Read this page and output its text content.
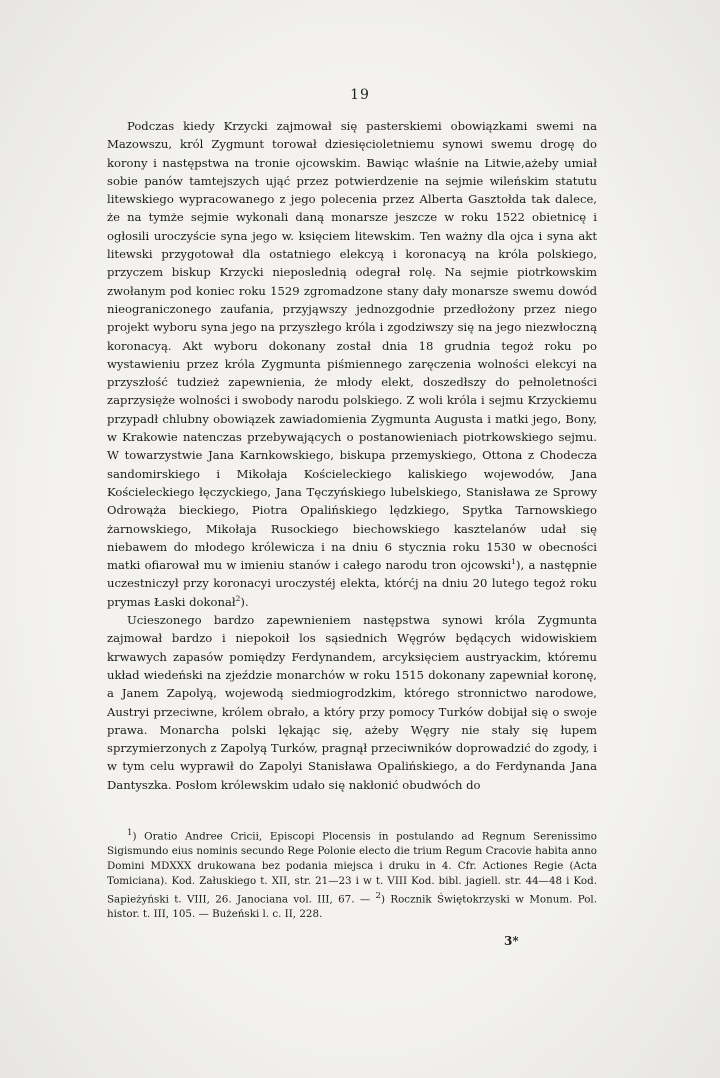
19

Podczas kiedy Krzycki zajmował się pasterskiemi obowiązkami swemi na Mazowszu, król Zygmunt torował dziesięcioletniemu synowi swemu drogę do korony i następstwa na tronie ojcowskim. Bawiąc właśnie na Litwie,ażeby umiał sobie panów tamtejszych ująć przez potwierdzenie na sejmie wileńskim statutu litewskiego wypracowanego z jego polecenia przez Alberta Gasztołda tak dalece, że na tymże sejmie wykonali daną monarsze jeszcze w roku 1522 obietnicę i ogłosili uroczyście syna jego w. księciem litewskim. Ten ważny dla ojca i syna akt litewski przygotował dla ostatniego elekcyą i koronacyą na króla polskiego, przyczem biskup Krzycki nieposlednią odegrał rolę. Na sejmie piotrkowskim zwołanym pod koniec roku 1529 zgromadzone stany dały monarsze swemu dowód nieograniczonego zaufania, przyjąwszy jednozgodnie przedłożony przez niego projekt wyboru syna jego na przyszłego króla i zgodziwszy się na jego niezwłoczną koronacyą. Akt wyboru dokonany został dnia 18 grudnia tegoż roku po wystawieniu przez króla Zygmunta piśmiennego zaręczenia wolności elekcyi na przyszłość tudzież zapewnienia, że młody elekt, doszedłszy do pełnoletności zaprzysięże wolności i swobody narodu polskiego. Z woli króla i sejmu Krzyckiemu przypadł chlubny obowiązek zawiadomienia Zygmunta Augusta i matki jego, Bony, w Krakowie natenczas przebywających o postanowieniach piotrkowskiego sejmu. W towarzystwie Jana Karnkowskiego, biskupa przemyskiego, Ottona z Chodecza sandomirskiego i Mikołaja Kościeleckiego kaliskiego wojewodów, Jana Kościeleckiego łęczyckiego, Jana Tęczyńskiego lubelskiego, Stanisława ze Sprowy Odrowąża bieckiego, Piotra Opalińskiego lędzkiego, Spytka Tarnowskiego żarnowskiego, Mikołaja Rusockiego biechowskiego kasztelanów udał się niebawem do młodego królewicza i na dniu 6 stycznia roku 1530 w obecności matki ofiarował mu w imieniu stanów i całego narodu tron ojcowski$^1$), a następnie uczestniczył przy koronacyi uroczystéj elekta, którćj na dniu 20 lutego tegoż roku prymas Łaski dokonał$^2$).

Ucieszonego bardzo zapewnieniem następstwa synowi króla Zygmunta zajmował bardzo i niepokoił los sąsiednich Węgrów będących widowiskiem krwawych zapasów pomiędzy Ferdynandem, arcyksięciem austryackim, któremu układ wiedeński na zjeździe monarchów w roku 1515 dokonany zapewniał koronę, a Janem Zapolyą, wojewodą siedmiogrodzkim, którego stronnictwo narodowe, Austryi przeciwne, królem obrało, a który przy pomocy Turków dobijał się o swoje prawa. Monarcha polski lękając się, ażeby Węgry nie stały się łupem sprzymierzonych z Zapolyą Turków, pragnął przeciwników doprowadzić do zgody, i w tym celu wyprawił do Zapolyi Stanisława Opalińskiego, a do Ferdynanda Jana Dantyszka. Posłom królewskim udało się nakłonić obudwóch do

$^1$) Oratio Andree Cricii, Episcopi Plocensis in postulando ad Regnum Serenissimo Sigismundo eius nominis secundo Rege Polonie electo die trium Regum Cracovie habita anno Domini MDXXX drukowana bez podania miejsca i druku in 4. Cfr. Actiones Regie (Acta Tomiciana). Kod. Załuskiego t. XII, str. 21—23 i w t. VIII Kod. bibl. jagiell. str. 44—48 i Kod. Sapieżyński t. VIII, 26. Janociana vol. III, 67. — $^2$) Rocznik Świętokrzyski w Monum. Pol. histor. t. III, 105. — Bużeński l. c. II, 228.

3*
